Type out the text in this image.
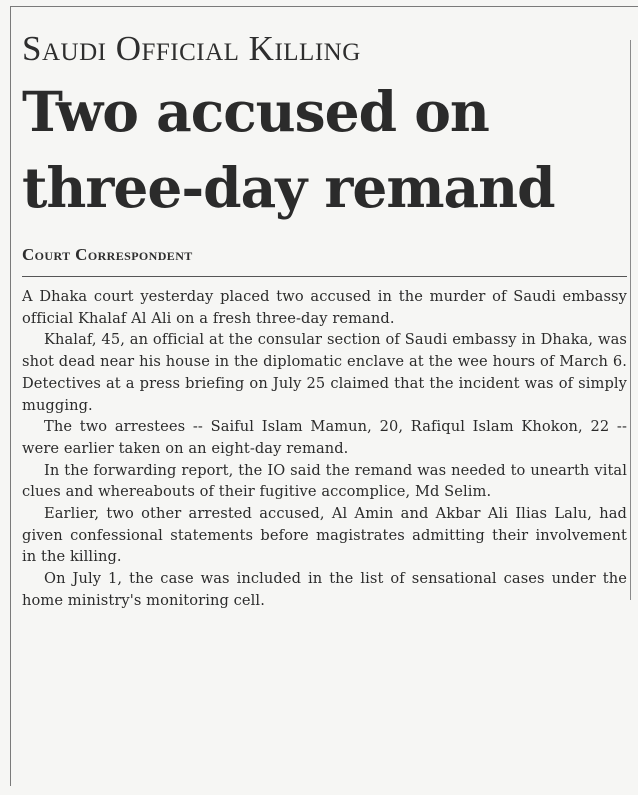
Saudi Official Killing
Two accused on
three-day remand
Court Correspondent

A Dhaka court yesterday placed two accused in the murder of Saudi embassy official Khalaf Al Ali on a fresh three-day remand.

Khalaf, 45, an official at the consular section of Saudi embassy in Dhaka, was shot dead near his house in the diplomatic enclave at the wee hours of March 6. Detectives at a press briefing on July 25 claimed that the incident was of simply mugging.

The two arrestees -- Saiful Islam Mamun, 20, Rafiqul Islam Khokon, 22 -- were earlier taken on an eight-day remand.

In the forwarding report, the IO said the remand was needed to unearth vital clues and whereabouts of their fugitive accomplice, Md Selim.

Earlier, two other arrested accused, Al Amin and Akbar Ali Ilias Lalu, had given confessional statements before magistrates admitting their involvement in the killing.

On July 1, the case was included in the list of sensational cases under the home ministry's monitoring cell.
